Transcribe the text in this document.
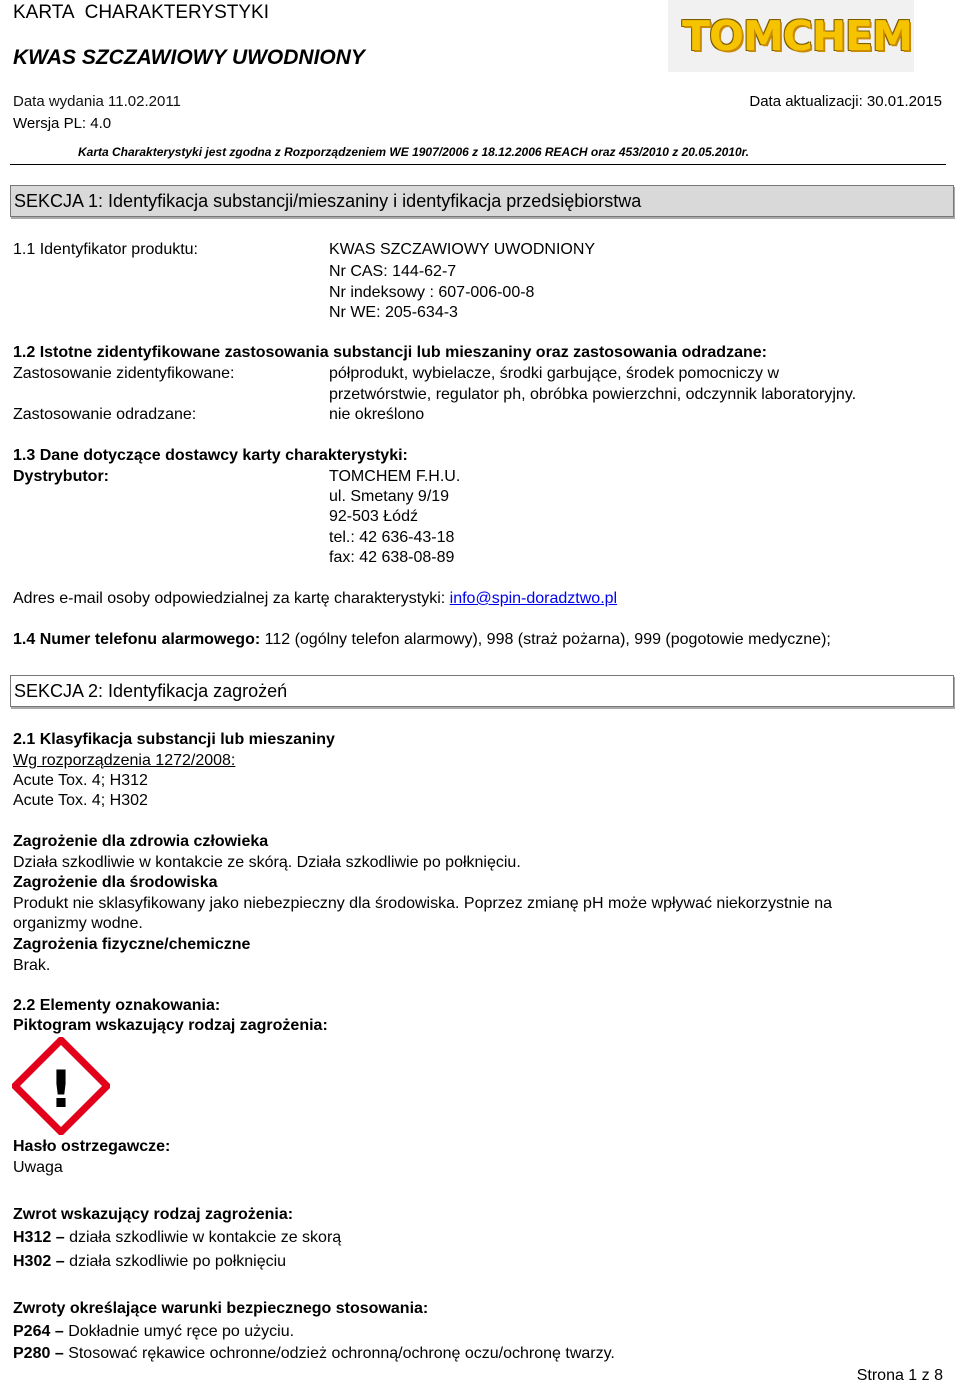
KARTA CHARAKTERYSTYKI
KWAS SZCZAWIOWY UWODNIONY	TOMCHEM
Data wydania 11.02.2011	Data aktualizacji: 30.01.2015
Wersja PL: 4.0
Karta Charakterystyki jest zgodna z Rozporządzeniem WE 1907/2006 z 18.12.2006 REACH oraz 453/2010 z 20.05.2010r.
SEKCJA 1: Identyfikacja substancji/mieszaniny i identyfikacja przedsiębiorstwa
1.1 Identyfikator produktu:	KWAS SZCZAWIOWY UWODNIONY
Nr CAS: 144-62-7
Nr indeksowy : 607-006-00-8
Nr WE: 205-634-3
1.2 Istotne zidentyfikowane zastosowania substancji lub mieszaniny oraz zastosowania odradzane:
Zastosowanie zidentyfikowane:	półprodukt, wybielacze, środki garbujące, środek pomocniczy w
przetwórstwie, regulator ph, obróbka powierzchni, odczynnik laboratoryjny.
Zastosowanie odradzane:	nie określono
1.3 Dane dotyczące dostawcy karty charakterystyki:
Dystrybutor:	TOMCHEM F.H.U.
ul. Smetany 9/19
92-503 Łódź
tel.: 42 636-43-18
fax: 42 638-08-89
Adres e-mail osoby odpowiedzialnej za kartę charakterystyki: info@spin-doradztwo.pl
1.4 Numer telefonu alarmowego: 112 (ogólny telefon alarmowy), 998 (straż pożarna), 999 (pogotowie medyczne);
SEKCJA 2: Identyfikacja zagrożeń
2.1 Klasyfikacja substancji lub mieszaniny
Wg rozporządzenia 1272/2008:
Acute Tox. 4; H312
Acute Tox. 4; H302
Zagrożenie dla zdrowia człowieka
Działa szkodliwie w kontakcie ze skórą. Działa szkodliwie po połknięciu.
Zagrożenie dla środowiska
Produkt nie sklasyfikowany jako niebezpieczny dla środowiska. Poprzez zmianę pH może wpływać niekorzystnie na
organizmy wodne.
Zagrożenia fizyczne/chemiczne
Brak.
2.2 Elementy oznakowania:
Piktogram wskazujący rodzaj zagrożenia:
!
Hasło ostrzegawcze:
Uwaga
Zwrot wskazujący rodzaj zagrożenia:
H312 – działa szkodliwie w kontakcie ze skorą
H302 – działa szkodliwie po połknięciu
Zwroty określające warunki bezpiecznego stosowania:
P264 – Dokładnie umyć ręce po użyciu.
P280 – Stosować rękawice ochronne/odzież ochronną/ochronę oczu/ochronę twarzy.
Strona 1 z 8
